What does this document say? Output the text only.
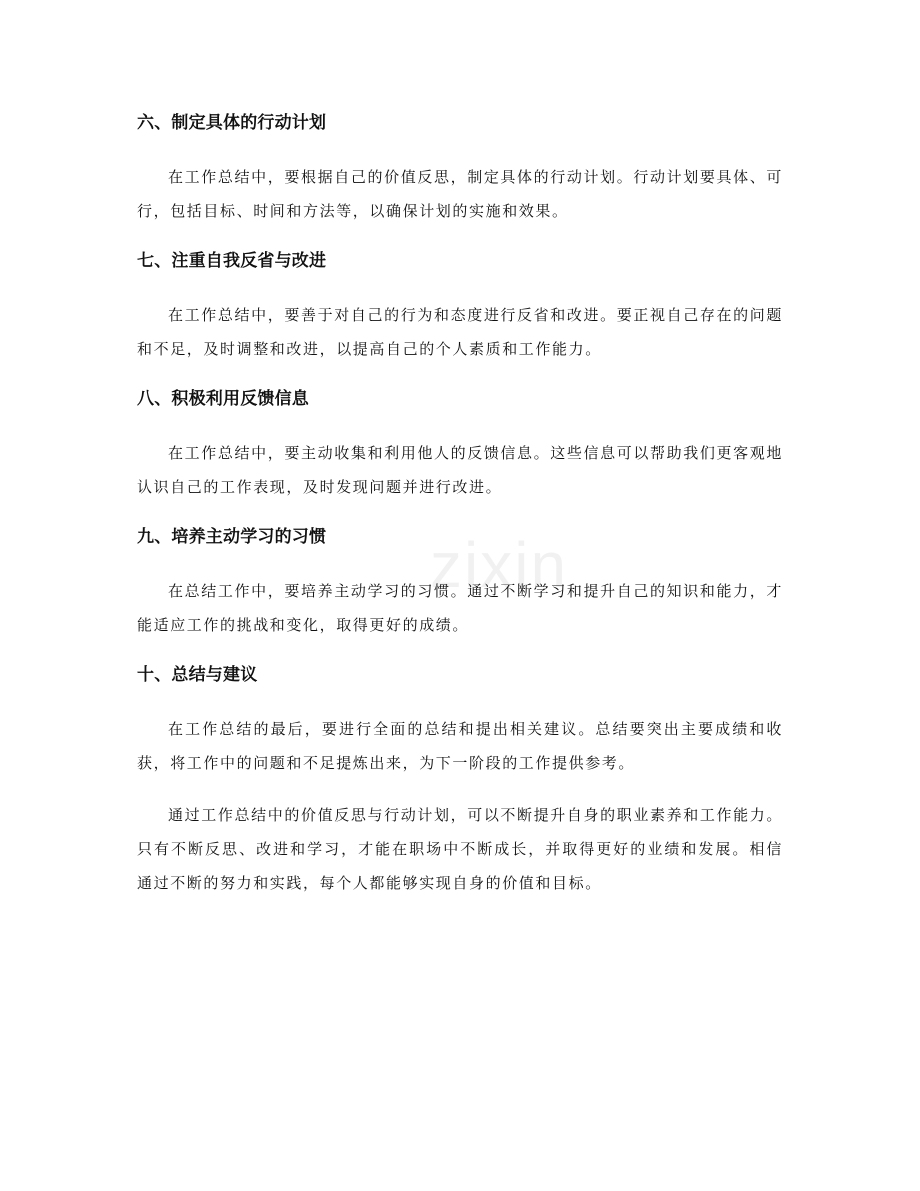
zixin
六、制定具体的行动计划

在工作总结中，要根据自己的价值反思，制定具体的行动计划。行动计划要具体、可行，包括目标、时间和方法等，以确保计划的实施和效果。

七、注重自我反省与改进

在工作总结中，要善于对自己的行为和态度进行反省和改进。要正视自己存在的问题和不足，及时调整和改进，以提高自己的个人素质和工作能力。

八、积极利用反馈信息

在工作总结中，要主动收集和利用他人的反馈信息。这些信息可以帮助我们更客观地认识自己的工作表现，及时发现问题并进行改进。

九、培养主动学习的习惯

在总结工作中，要培养主动学习的习惯。通过不断学习和提升自己的知识和能力，才能适应工作的挑战和变化，取得更好的成绩。

十、总结与建议

在工作总结的最后，要进行全面的总结和提出相关建议。总结要突出主要成绩和收获，将工作中的问题和不足提炼出来，为下一阶段的工作提供参考。

通过工作总结中的价值反思与行动计划，可以不断提升自身的职业素养和工作能力。只有不断反思、改进和学习，才能在职场中不断成长，并取得更好的业绩和发展。相信通过不断的努力和实践，每个人都能够实现自身的价值和目标。
